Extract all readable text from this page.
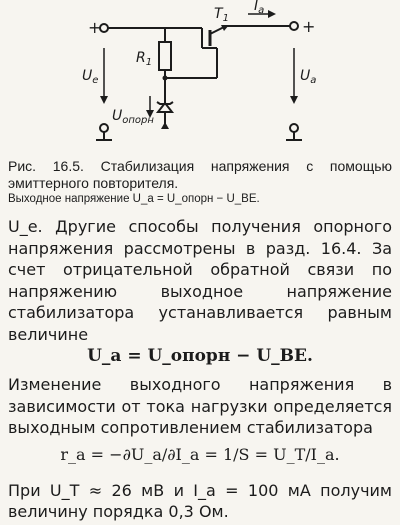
+	+
$T_1$
$I_a$
$R_1$
$U_e$	$U_a$
$U_{опорн}$
Рис. 16.5. Стабилизация напряжения с помощью эмиттерного повторителя.
Выходное напряжение U_a = U_опорн − U_BE.
U_e. Другие способы получения опорного напряжения рассмотрены в разд. 16.4. За счет отрицательной обратной связи по напряжению выходное напряжение стабилизатора устанавливается равным величине
U_a = U_опорн − U_BE.
Изменение выходного напряжения в зависимости от тока нагрузки определяется выходным сопротивлением стабилизатора
r_a = −∂U_a/∂I_a = 1/S = U_T/I_a.
При U_T ≈ 26 мВ и I_a = 100 мА получим величину порядка 0,3 Ом.
